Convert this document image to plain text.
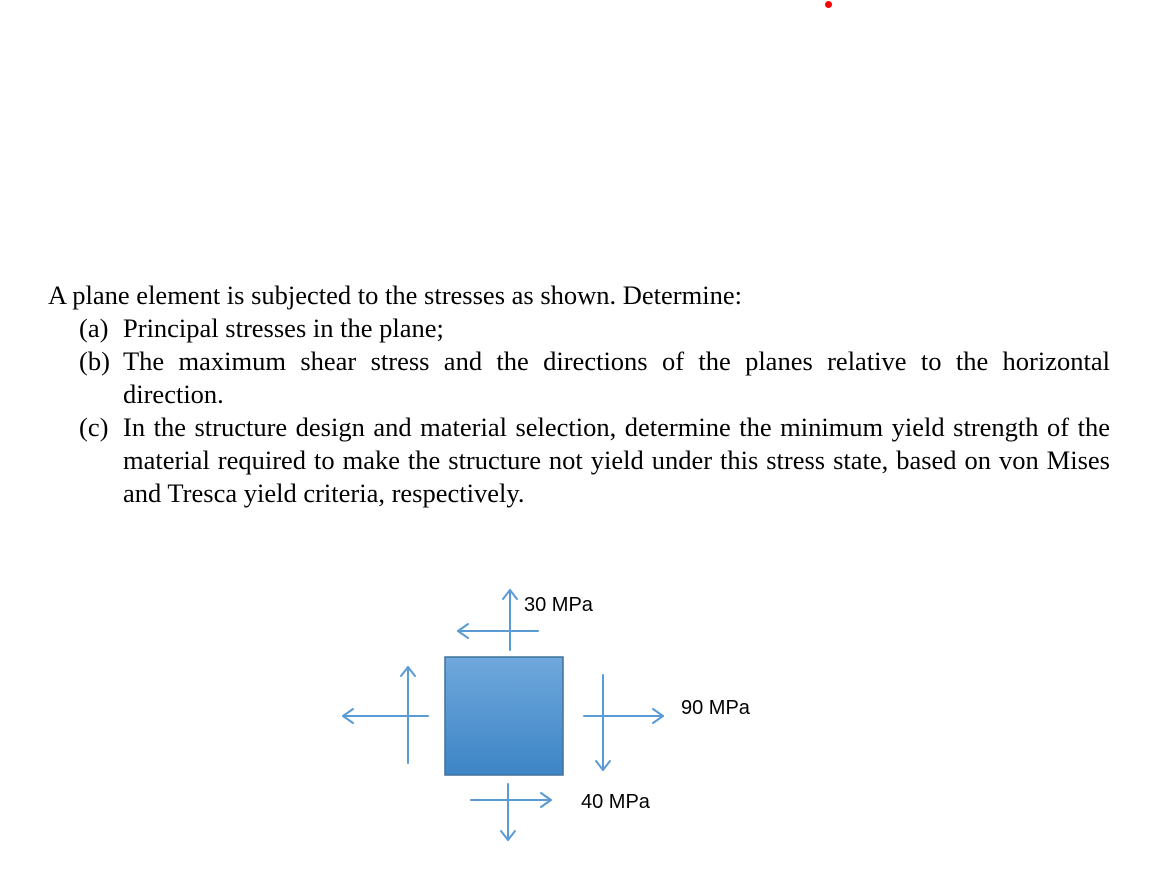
A plane element is subjected to the stresses as shown. Determine:

(a) Principal stresses in the plane;
(b) The maximum shear stress and the directions of the planes relative to the horizontal direction.
(c) In the structure design and material selection, determine the minimum yield strength of the material required to make the structure not yield under this stress state, based on von Mises and Tresca yield criteria, respectively.
30 MPa
90 MPa
40 MPa
